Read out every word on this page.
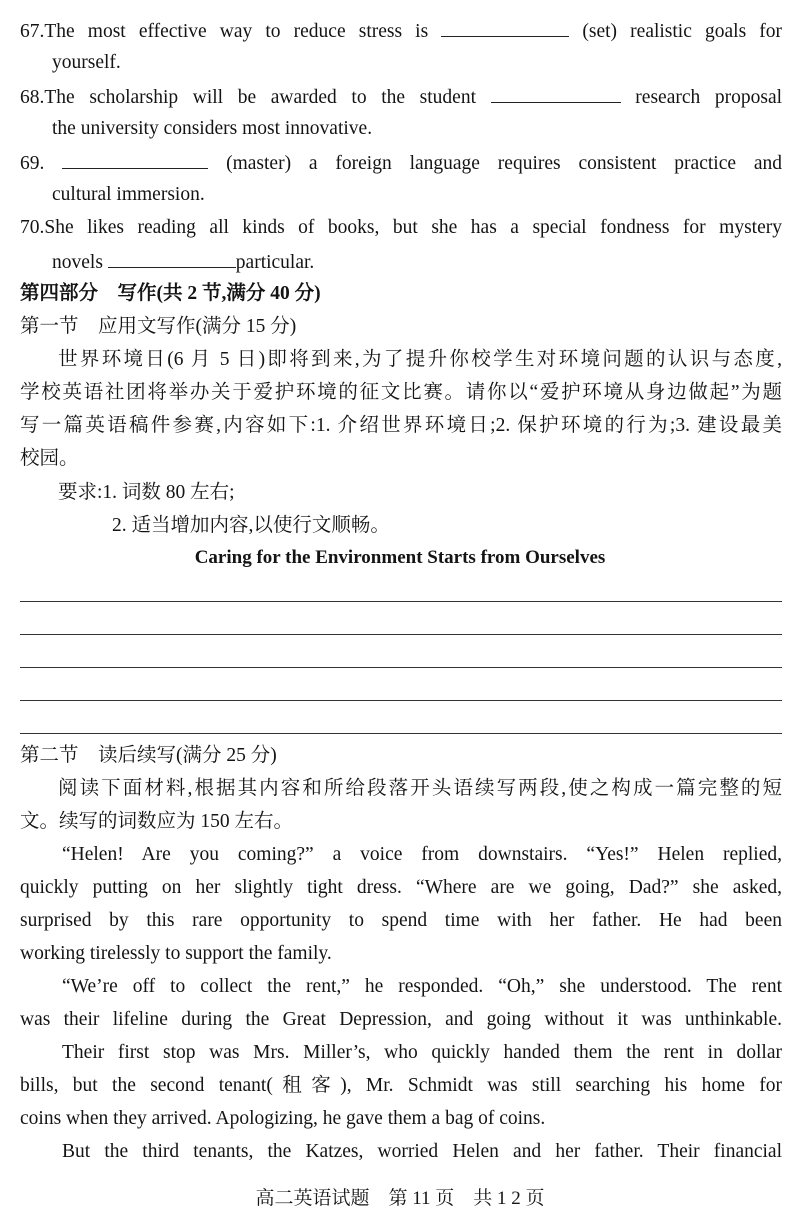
67.The most effective way to reduce stress is	(set) realistic goals for
yourself.
68.The scholarship will be awarded to the student	research proposal
the university considers most innovative.
69.	(master) a foreign language requires consistent practice and
cultural immersion.
70.She likes reading all kinds of books, but she has a special fondness for mystery
novels	particular.
第四部分　写作(共 2 节,满分 40 分)
第一节　应用文写作(满分 15 分)
世界环境日(6 月 5 日)即将到来,为了提升你校学生对环境问题的认识与态度,
学校英语社团将举办关于爱护环境的征文比赛。请你以“爱护环境从身边做起”为题
写一篇英语稿件参赛,内容如下:1. 介绍世界环境日;2. 保护环境的行为;3. 建设最美
校园。
要求:1. 词数 80 左右;
2. 适当增加内容,以使行文顺畅。
Caring for the Environment Starts from Ourselves
第二节　读后续写(满分 25 分)
阅读下面材料,根据其内容和所给段落开头语续写两段,使之构成一篇完整的短
文。续写的词数应为 150 左右。
“Helen! Are you coming?” a voice from downstairs. “Yes!” Helen replied,
quickly putting on her slightly tight dress. “Where are we going, Dad?” she asked,
surprised by this rare opportunity to spend time with her father. He had been
working tirelessly to support the family.
“We’re off to collect the rent,” he responded. “Oh,” she understood. The rent
was their lifeline during the Great Depression, and going without it was unthinkable.
Their first stop was Mrs. Miller’s, who quickly handed them the rent in dollar
bills, but the second tenant(租客), Mr. Schmidt was still searching his home for
coins when they arrived. Apologizing, he gave them a bag of coins.
But the third tenants, the Katzes, worried Helen and her father. Their financial
高二英语试题　第 11 页　共 1 2 页
